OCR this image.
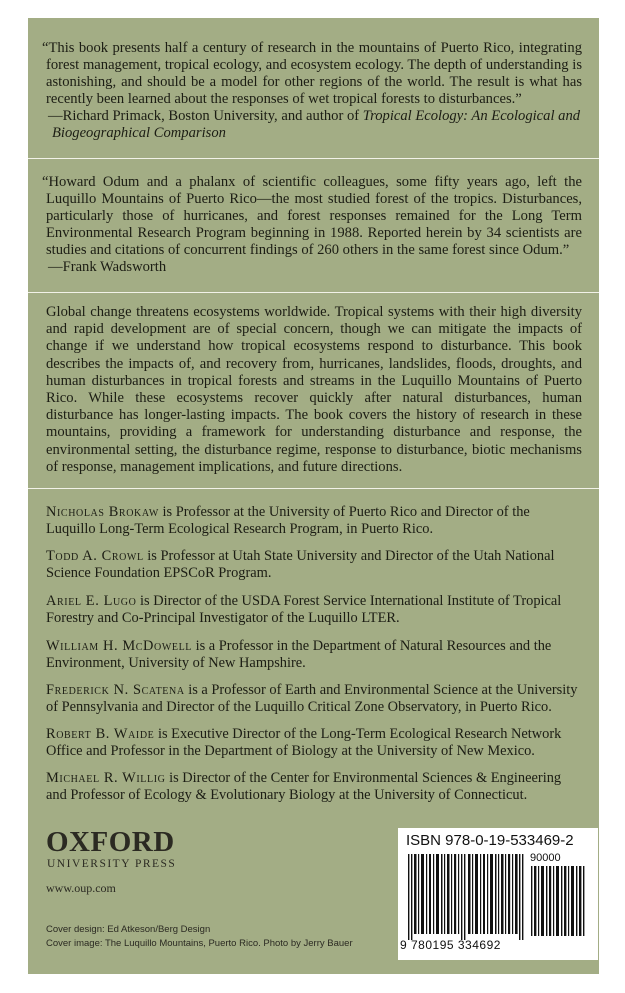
“This book presents half a century of research in the mountains of Puerto Rico, integrating forest management, tropical ecology, and ecosystem ecology. The depth of understanding is astonishing, and should be a model for other regions of the world. The result is what has recently been learned about the responses of wet tropical forests to disturbances.”

—Richard Primack, Boston University, and author of Tropical Ecology: An Ecological and Biogeographical Comparison

“Howard Odum and a phalanx of scientific colleagues, some fifty years ago, left the Luquillo Mountains of Puerto Rico—the most studied forest of the tropics. Disturbances, particularly those of hurricanes, and forest responses remained for the Long Term Environmental Research Program beginning in 1988. Reported herein by 34 scientists are studies and citations of concurrent findings of 260 others in the same forest since Odum.”

—Frank Wadsworth

Global change threatens ecosystems worldwide. Tropical systems with their high diversity and rapid development are of special concern, though we can mitigate the impacts of change if we understand how tropical ecosystems respond to disturbance. This book describes the impacts of, and recovery from, hurricanes, landslides, floods, droughts, and human disturbances in tropical forests and streams in the Luquillo Mountains of Puerto Rico. While these ecosystems recover quickly after natural disturbances, human disturbance has longer-lasting impacts. The book covers the history of research in these mountains, providing a framework for understanding disturbance and response, the environmental setting, the disturbance regime, response to disturbance, biotic mechanisms of response, management implications, and future directions.

Nicholas Brokaw is Professor at the University of Puerto Rico and Director of the Luquillo Long-Term Ecological Research Program, in Puerto Rico.

Todd A. Crowl is Professor at Utah State University and Director of the Utah National Science Foundation EPSCoR Program.

Ariel E. Lugo is Director of the USDA Forest Service International Institute of Tropical Forestry and Co-Principal Investigator of the Luquillo LTER.

William H. McDowell is a Professor in the Department of Natural Resources and the Environment, University of New Hampshire.

Frederick N. Scatena is a Professor of Earth and Environmental Science at the University of Pennsylvania and Director of the Luquillo Critical Zone Observatory, in Puerto Rico.

Robert B. Waide is Executive Director of the Long-Term Ecological Research Network Office and Professor in the Department of Biology at the University of New Mexico.

Michael R. Willig is Director of the Center for Environmental Sciences & Engineering and Professor of Ecology & Evolutionary Biology at the University of Connecticut.

OXFORD
UNIVERSITY PRESS
www.oup.com
Cover design: Ed Atkeson/Berg Design
Cover image: The Luquillo Mountains, Puerto Rico. Photo by Jerry Bauer
ISBN 978-0-19-533469-2
90000
9 780195 334692
